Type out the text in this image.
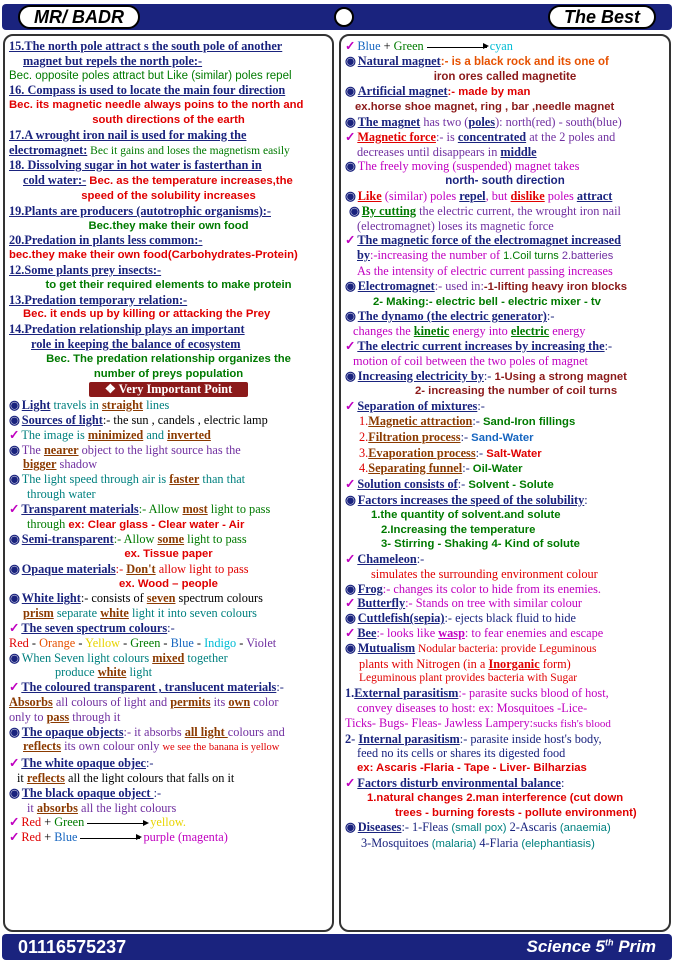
MR/ BADR	The Best
15.The north pole attract s the south pole of another
magnet but repels the north pole:-
Bec. opposite poles attract but Like (similar) poles repel
16. Compass is used to locate the main four direction
Bec. its magnetic needle always poins to the north and
south directions of the earth
17.A wrought iron nail is used for making the
electromagnet: Bec it gains and loses the magnetism easily
18. Dissolving sugar in hot water is fasterthan in
cold water:- Bec. as the temperature increases,the
speed of the solubility increases
19.Plants are producers (autotrophic organisms):-
Bec.they make their own food
20.Predation in plants less common:-
bec.they make their own food(Carbohydrates-Protein)
12.Some plants prey insects:-
to get their required elements to make protein
13.Predation temporary relation:-
Bec. it ends up by killing or attacking the Prey
14.Predation relationship plays an important
role in keeping the balance of ecosystem
Bec. The predation relationship organizes the
number of preys population
❖ Very Important Point
◉ Light travels in straight lines
◉ Sources of light:- the sun , candels , electric lamp
✓ The image is minimized and inverted
◉ The nearer object to the light source has the
bigger shadow
◉ The light speed through air is faster than that
through water
✓ Transparent materials:- Allow most light to pass
through ex: Clear glass - Clear water - Air
◉ Semi-transparent:- Allow some light to pass
ex. Tissue paper
◉ Opaque materials:- Don't allow light to pass
ex. Wood – people
◉ White light:- consists of seven spectrum colours
prism separate white light it into seven colours
✓ The seven spectrum colours:-
Red - Orange - Yellow - Green - Blue - Indigo - Violet
◉ When Seven light colours mixed together
produce white light
✓ The coloured transparent , translucent materials:-
Absorbs all colours of light and permits its own color
only to pass through it
◉ The opaque objects:- it absorbs all light colours and
reflects its own colour only we see the banana is yellow
✓ The white opaque objec:-
it reflects all the light colours that falls on it
◉ The black opaque object :-
it absorbs all the light colours
✓ Red + Green	yellow.
✓ Red + Blue	purple (magenta)
✓ Blue + Green	cyan
◉ Natural magnet:- is a black rock and its one of
iron ores called magnetite
◉ Artificial magnet:- made by man
ex.horse shoe magnet, ring , bar ,needle magnet
◉ The magnet has two (poles): north(red) - south(blue)
✓ Magnetic force:- is concentrated at the 2 poles and
decreases until disappears in middle
◉ The freely moving (suspended) magnet takes
north- south direction
◉ Like (similar) poles repel, but dislike poles attract
◉ By cutting the electric current, the wrought iron nail
(electromagnet) loses its magnetic force
✓ The magnetic force of the electromagnet increased
by:-increasing the number of 1.Coil turns 2.batteries
As the intensity of electric current passing increases
◉ Electromagnet:- used in:-1-lifting heavy iron blocks
2- Making:- electric bell - electric mixer - tv
◉ The dynamo (the electric generator):-
changes the kinetic energy into electric energy
✓ The electric current increases by increasing the:-
motion of coil between the two poles of magnet
◉ Increasing electricity by:- 1-Using a strong magnet
2- increasing the number of coil turns
✓ Separation of mixtures:-
1.Magnetic attraction:- Sand-Iron fillings
2.Filtration process:- Sand-Water
3.Evaporation process:- Salt-Water
4.Separating funnel:- Oil-Water
✓ Solution consists of:- Solvent - Solute
◉ Factors increases the speed of the solubility:
1.the quantity of solvent.and solute
2.Increasing the temperature
3- Stirring - Shaking 4- Kind of solute
✓ Chameleon:-
simulates the surrounding environment colour
◉ Frog:- changes its color to hide from its enemies.
✓ Butterfly:- Stands on tree with similar colour
◉ Cuttlefish(sepia):- ejects black fluid to hide
✓ Bee:- looks like wasp: to fear enemies and escape
◉ Mutualism Nodular bacteria: provide Leguminous
plants with Nitrogen (in a Inorganic form)
Leguminous plant provides bacteria with Sugar
1.External parasitism:- parasite sucks blood of host,
convey diseases to host: ex: Mosquitoes -Lice-
Ticks- Bugs- Fleas- Jawless Lampery:sucks fish's blood
2- Internal parasitism:- parasite inside host's body,
feed no its cells or shares its digested food
ex: Ascaris -Flaria - Tape - Liver- Bilharzias
✓ Factors disturb environmental balance:
1.natural changes 2.man interference (cut down
trees - burning forests - pollute environment)
◉ Diseases:- 1-Fleas (small pox) 2-Ascaris (anaemia)
3-Mosquitoes (malaria) 4-Flaria (elephantiasis)
01116575237	Science 5th Prim
